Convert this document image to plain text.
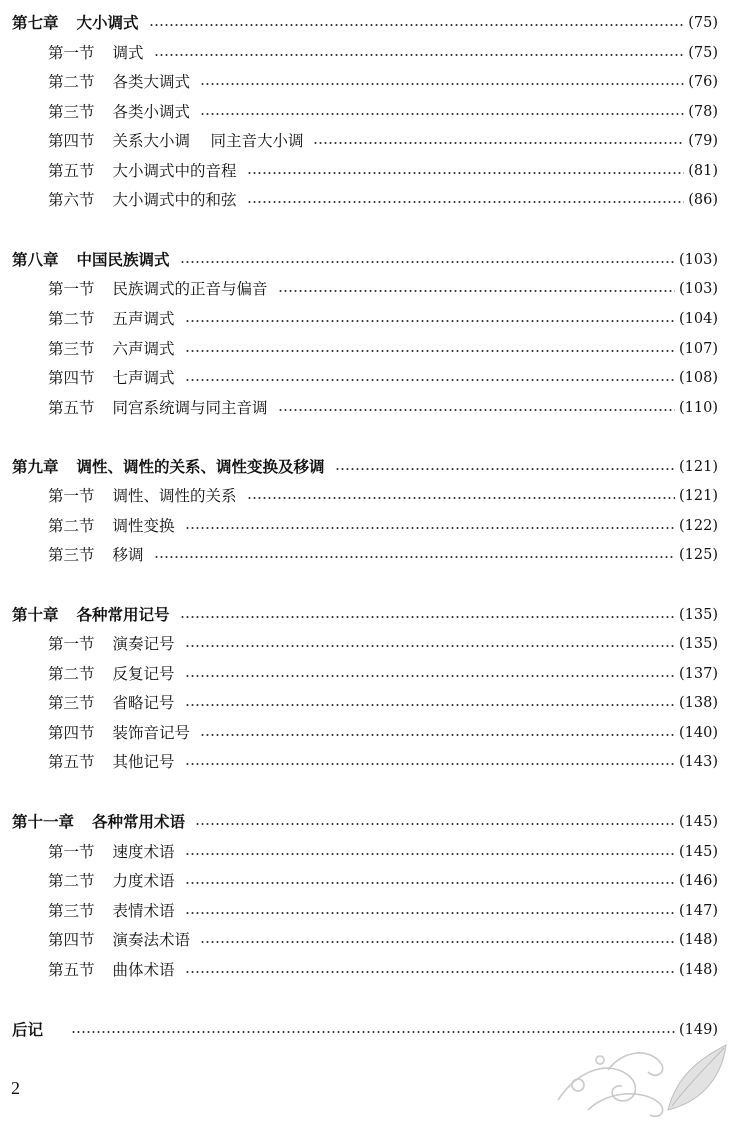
第七章 大小调式	(75)
第一节 调式	(75)
第二节 各类大调式	(76)
第三节 各类小调式	(78)
第四节 关系大小调　 同主音大小调	(79)
第五节 大小调式中的音程	(81)
第六节 大小调式中的和弦	(86)
第八章 中国民族调式	(103)
第一节 民族调式的正音与偏音	(103)
第二节 五声调式	(104)
第三节 六声调式	(107)
第四节 七声调式	(108)
第五节 同宫系统调与同主音调	(110)
第九章 调性、调性的关系、调性变换及移调	(121)
第一节 调性、调性的关系	(121)
第二节 调性变换	(122)
第三节 移调	(125)
第十章 各种常用记号	(135)
第一节 演奏记号	(135)
第二节 反复记号	(137)
第三节 省略记号	(138)
第四节 装饰音记号	(140)
第五节 其他记号	(143)
第十一章 各种常用术语	(145)
第一节 速度术语	(145)
第二节 力度术语	(146)
第三节 表情术语	(147)
第四节 演奏法术语	(148)
第五节 曲体术语	(148)
后记	(149)
2
